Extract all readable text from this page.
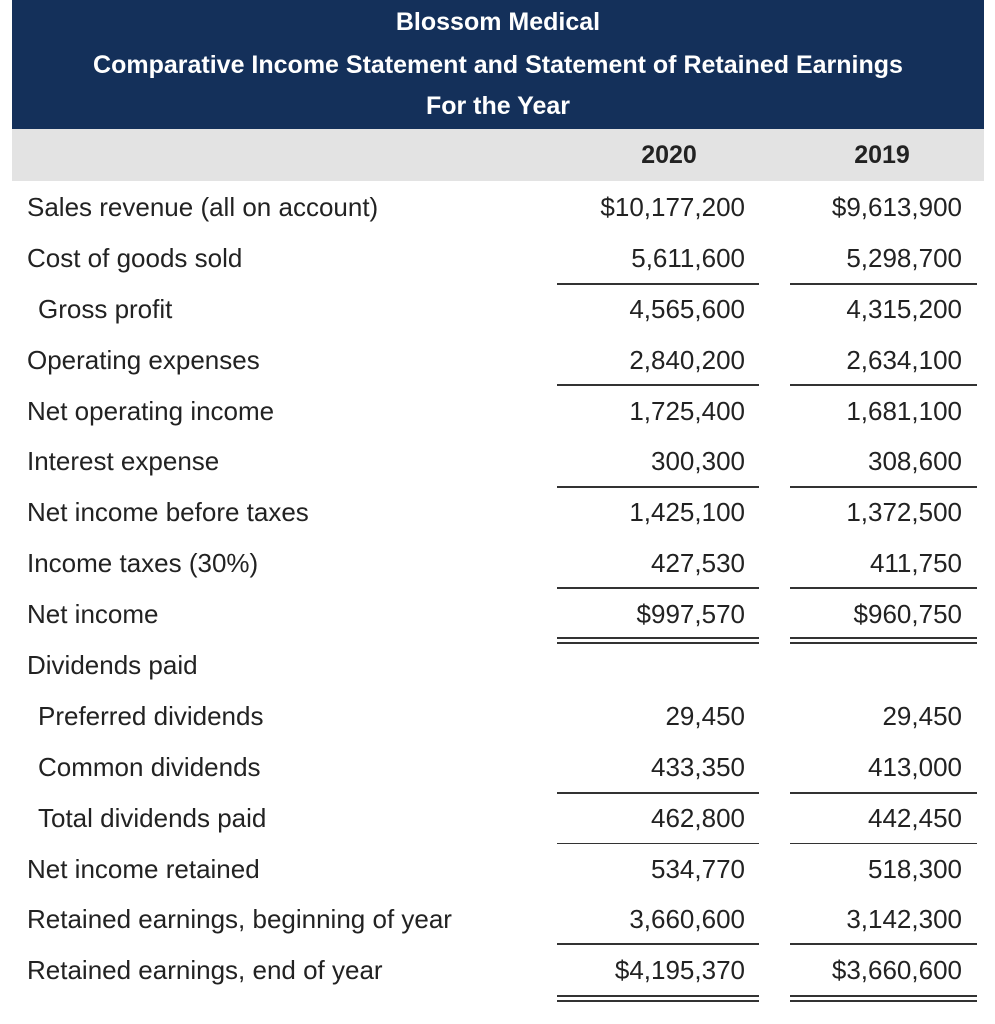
Blossom Medical
Comparative Income Statement and Statement of Retained Earnings
For the Year
2020	2019
Sales revenue (all on account)	$10,177,200	$9,613,900
Cost of goods sold	5,611,600	5,298,700
Gross profit	4,565,600	4,315,200
Operating expenses	2,840,200	2,634,100
Net operating income	1,725,400	1,681,100
Interest expense	300,300	308,600
Net income before taxes	1,425,100	1,372,500
Income taxes (30%)	427,530	411,750
Net income	$997,570	$960,750
Dividends paid
Preferred dividends	29,450	29,450
Common dividends	433,350	413,000
Total dividends paid	462,800	442,450
Net income retained	534,770	518,300
Retained earnings, beginning of year	3,660,600	3,142,300
Retained earnings, end of year	$4,195,370	$3,660,600
